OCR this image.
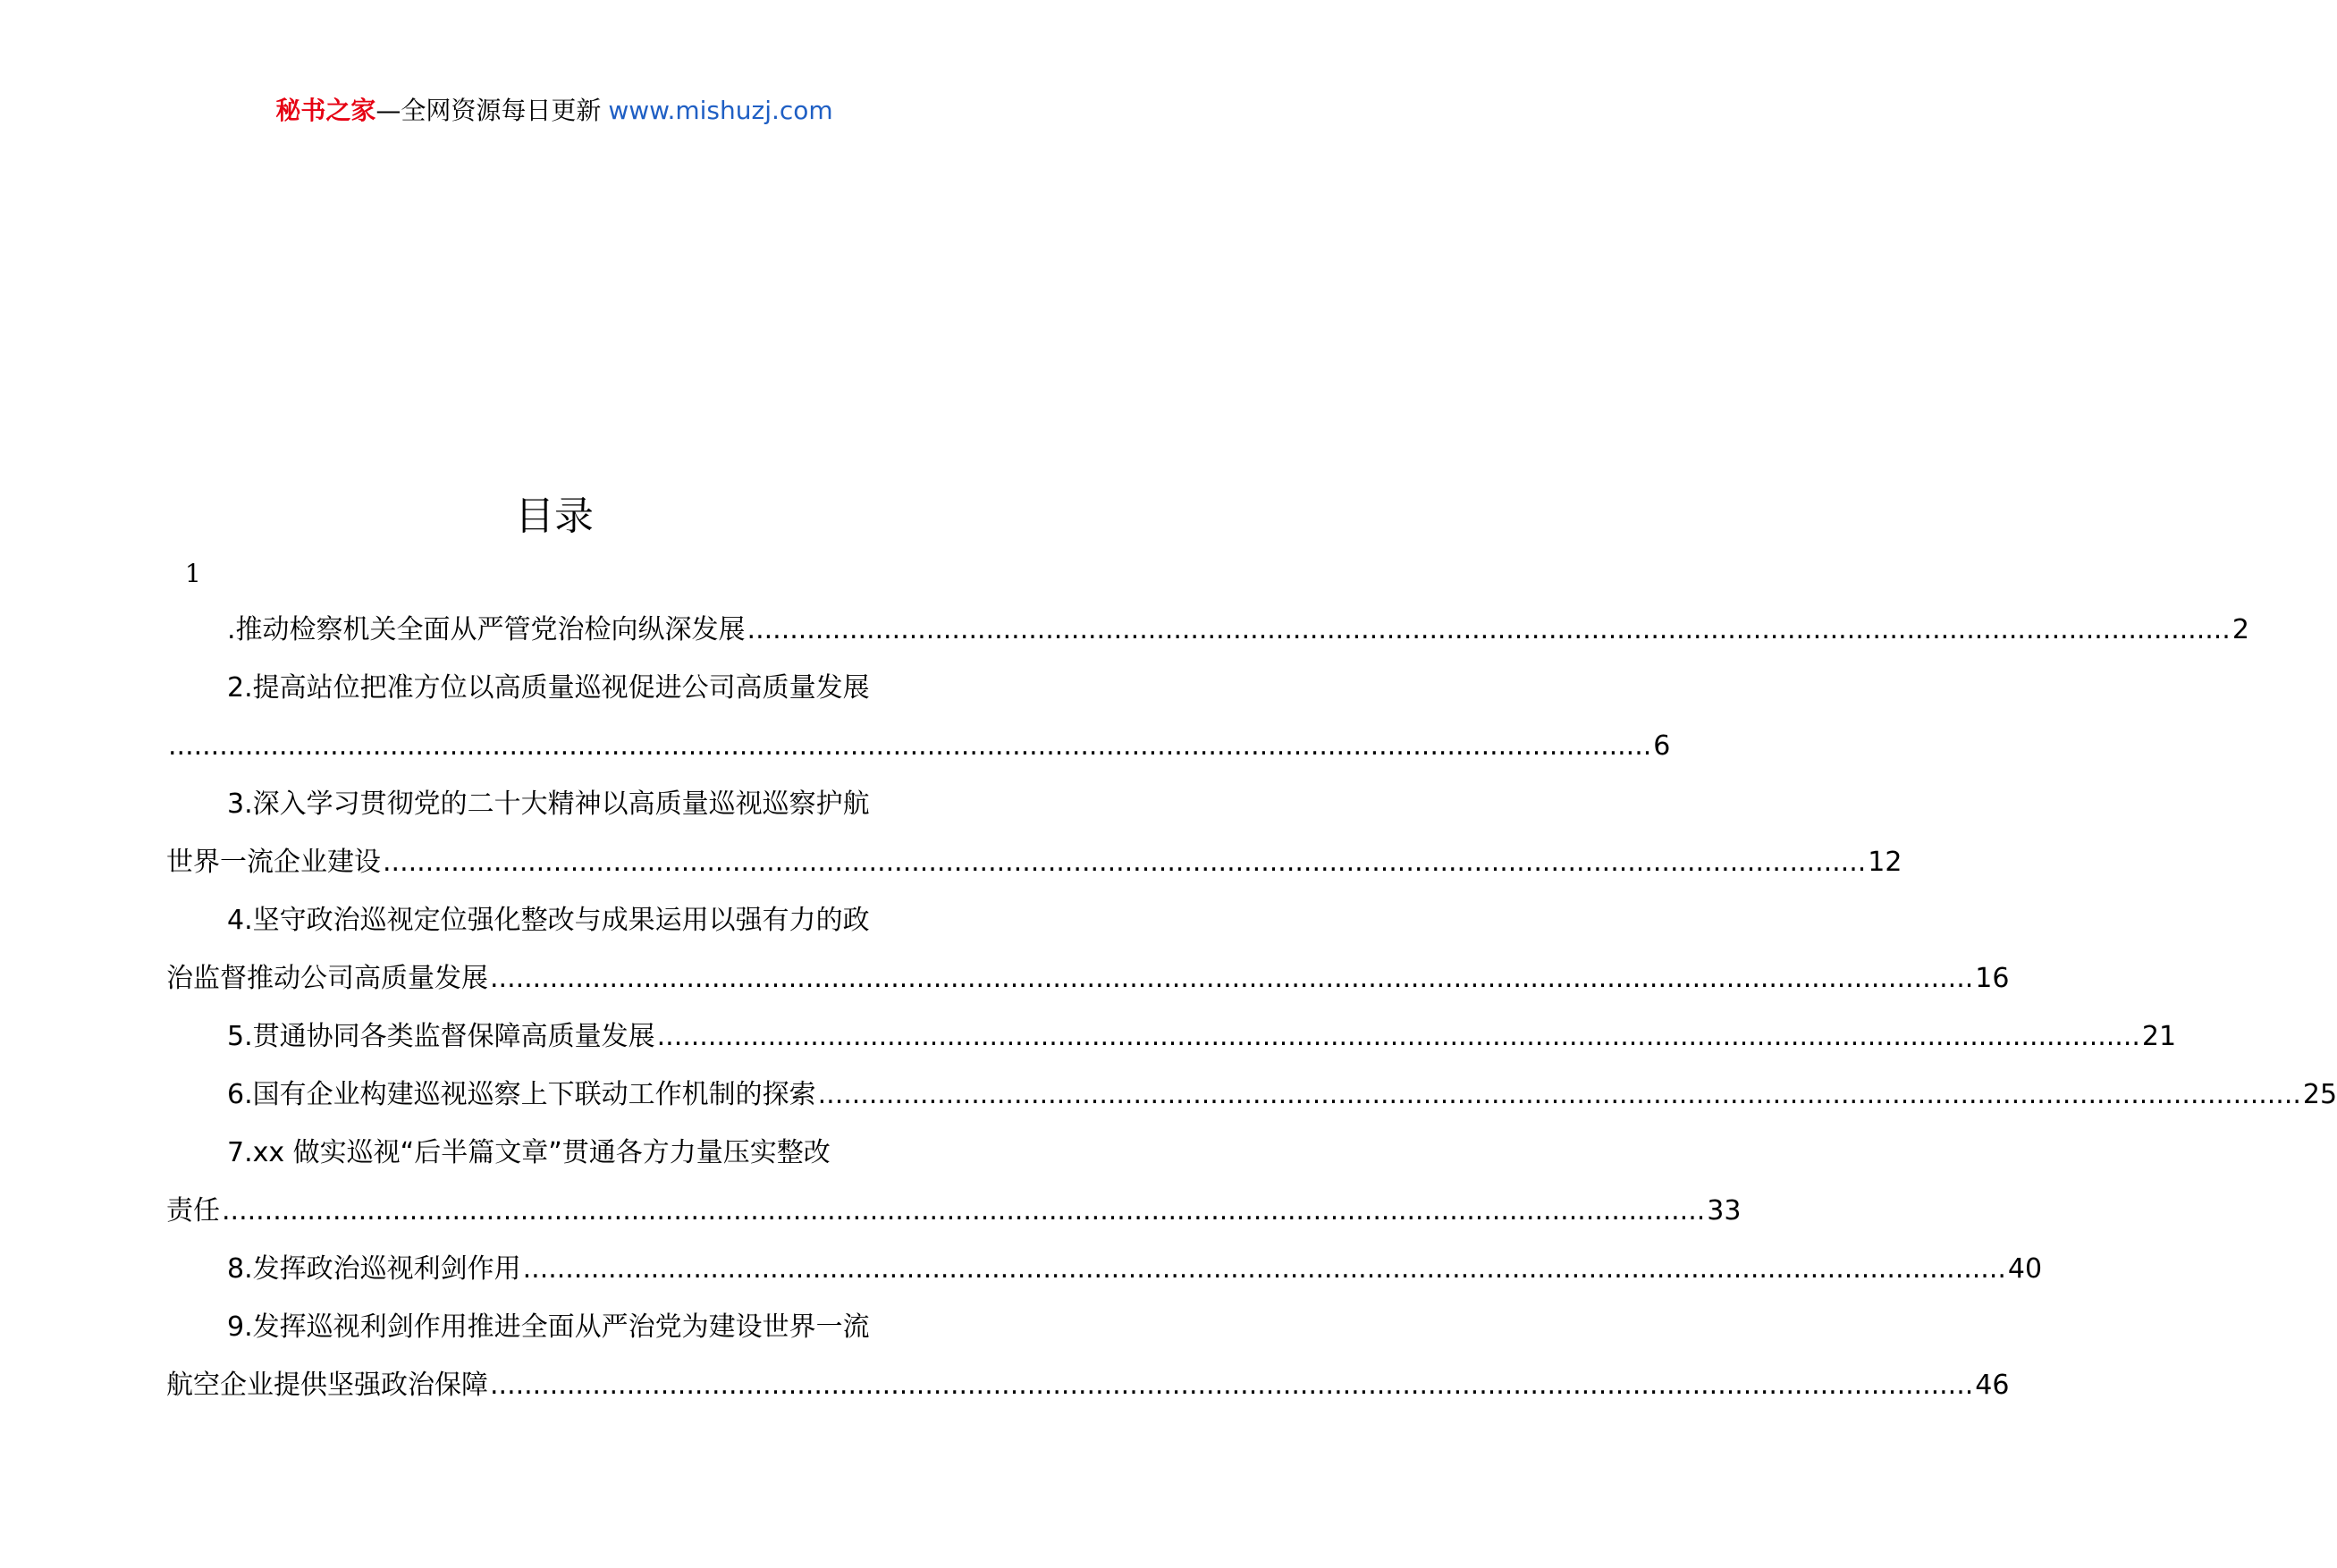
秘书之家—全网资源每日更新 www.mishuzj.com
目录
1
.推动检察机关全面从严管党治检向纵深发展 .............................................................................................................................................................................. 2
2.提高站位把准方位以高质量巡视促进公司高质量发展
.............................................................................................................................................................................. 6
3.深入学习贯彻党的二十大精神以高质量巡视巡察护航
世界一流企业建设 .............................................................................................................................................................................. 12
4.坚守政治巡视定位强化整改与成果运用以强有力的政
治监督推动公司高质量发展 .............................................................................................................................................................................. 16
5.贯通协同各类监督保障高质量发展 .............................................................................................................................................................................. 21
6.国有企业构建巡视巡察上下联动工作机制的探索 .............................................................................................................................................................................. 25
7.xx 做实巡视“后半篇文章”贯通各方力量压实整改
责任 .............................................................................................................................................................................. 33
8.发挥政治巡视利剑作用 .............................................................................................................................................................................. 40
9.发挥巡视利剑作用推进全面从严治党为建设世界一流
航空企业提供坚强政治保障 .............................................................................................................................................................................. 46
